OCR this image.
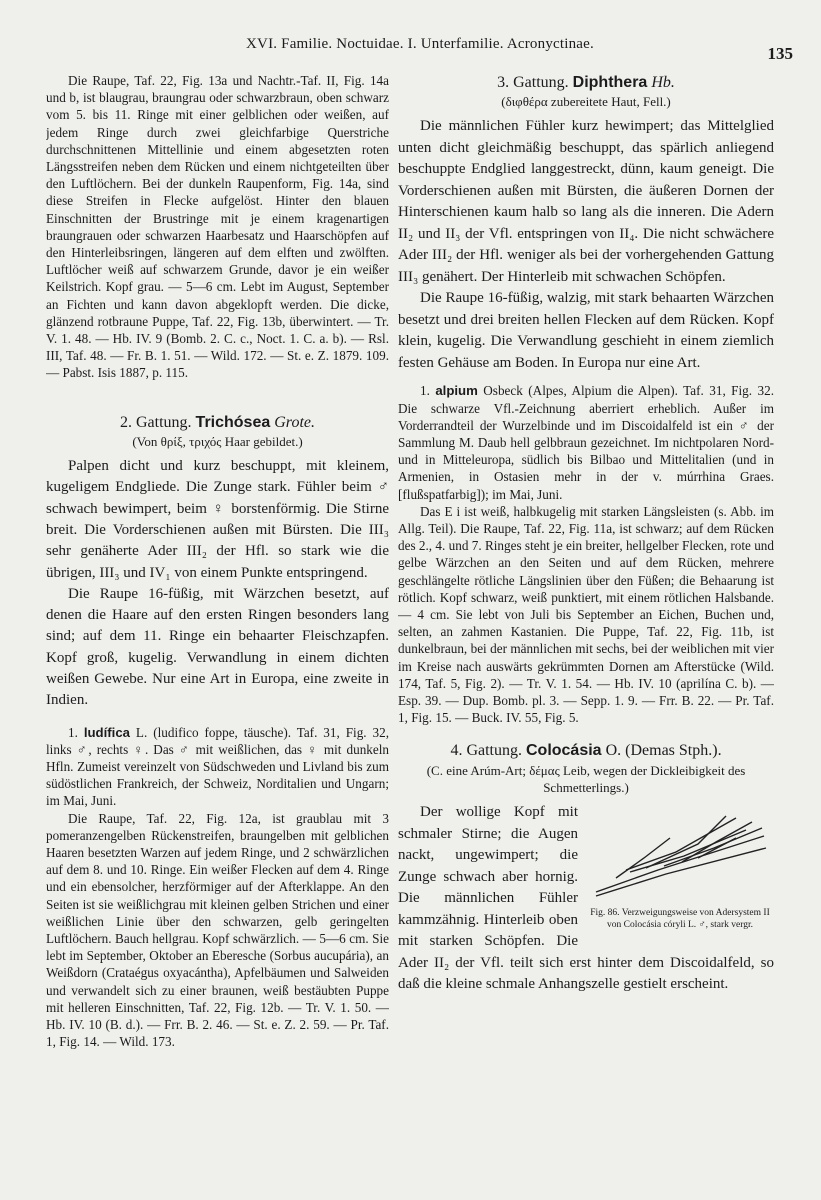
XVI. Familie. Noctuidae. I. Unterfamilie. Acronyctinae.	135

Die Raupe, Taf. 22, Fig. 13a und Nachtr.-Taf. II, Fig. 14a und b, ist blaugrau, braungrau oder schwarzbraun, oben schwarz vom 5. bis 11. Ringe mit einer gelblichen oder weißen, auf jedem Ringe durch zwei gleichfarbige Querstriche durchschnittenen Mittellinie und einem abgesetzten roten Längsstreifen neben dem Rücken und einem nichtgeteilten über den Luftlöchern. Bei der dunkeln Raupenform, Fig. 14a, sind diese Streifen in Flecke aufgelöst. Hinter den blauen Einschnitten der Brustringe mit je einem kragenartigen braungrauen oder schwarzen Haarbesatz und Haarschöpfen auf den Hinterleibsringen, längeren auf dem elften und zwölften. Luftlöcher weiß auf schwarzem Grunde, davor je ein weißer Keilstrich. Kopf grau. — 5—6 cm. Lebt im August, September an Fichten und kann davon abgeklopft werden. Die dicke, glänzend rotbraune Puppe, Taf. 22, Fig. 13b, überwintert. — Tr. V. 1. 48. — Hb. IV. 9 (Bomb. 2. C. c., Noct. 1. C. a. b). — Rsl. III, Taf. 48. — Fr. B. 1. 51. — Wild. 172. — St. e. Z. 1879. 109. — Pabst. Isis 1887, p. 115.

2. Gattung. Trichósea Grote.
(Von θρίξ, τριχός Haar gebildet.)

Palpen dicht und kurz beschuppt, mit kleinem, kugeligem Endgliede. Die Zunge stark. Fühler beim ♂ schwach bewimpert, beim ♀ borstenförmig. Die Stirne breit. Die Vorderschienen außen mit Bürsten. Die III₃ sehr genäherte Ader III₂ der Hfl. so stark wie die übrigen, III₃ und IV₁ von einem Punkte entspringend.

Die Raupe 16-füßig, mit Wärzchen besetzt, auf denen die Haare auf den ersten Ringen besonders lang sind; auf dem 11. Ringe ein behaarter Fleischzapfen. Kopf groß, kugelig. Verwandlung in einem dichten weißen Gewebe. Nur eine Art in Europa, eine zweite in Indien.

1. ludífica L. (ludifico foppe, täusche). Taf. 31, Fig. 32, links ♂, rechts ♀. Das ♂ mit weißlichen, das ♀ mit dunkeln Hfln. Zumeist vereinzelt von Südschweden und Livland bis zum südöstlichen Frankreich, der Schweiz, Norditalien und Ungarn; im Mai, Juni.

Die Raupe, Taf. 22, Fig. 12a, ist graublau mit 3 pomeranzengelben Rückenstreifen, braungelben mit gelblichen Haaren besetzten Warzen auf jedem Ringe, und 2 schwärzlichen auf dem 8. und 10. Ringe. Ein weißer Flecken auf dem 4. Ringe und ein ebensolcher, herzförmiger auf der Afterklappe. An den Seiten ist sie weißlichgrau mit kleinen gelben Strichen und einer weißlichen Linie über den schwarzen, gelb geringelten Luftlöchern. Bauch hellgrau. Kopf schwärzlich. — 5—6 cm. Sie lebt im September, Oktober an Eberesche (Sorbus aucupária), an Weißdorn (Crataégus oxyacántha), Apfelbäumen und Salweiden und verwandelt sich zu einer braunen, weiß bestäubten Puppe mit helleren Einschnitten, Taf. 22, Fig. 12b. — Tr. V. 1. 50. — Hb. IV. 10 (B. d.). — Frr. B. 2. 46. — St. e. Z. 2. 59. — Pr. Taf. 1, Fig. 14. — Wild. 173.

3. Gattung. Diphthera Hb.
(διφθέρα zubereitete Haut, Fell.)

Die männlichen Fühler kurz hewimpert; das Mittelglied unten dicht gleichmäßig beschuppt, das spärlich anliegend beschuppte Endglied langgestreckt, dünn, kaum geneigt. Die Vorderschienen außen mit Bürsten, die äußeren Dornen der Hinterschienen kaum halb so lang als die inneren. Die Adern II₂ und II₃ der Vfl. entspringen von II₄. Die nicht schwächere Ader III₂ der Hfl. weniger als bei der vorhergehenden Gattung III₃ genähert. Der Hinterleib mit schwachen Schöpfen.

Die Raupe 16-füßig, walzig, mit stark behaarten Wärzchen besetzt und drei breiten hellen Flecken auf dem Rücken. Kopf klein, kugelig. Die Verwandlung geschieht in einem ziemlich festen Gehäuse am Boden. In Europa nur eine Art.

1. alpium Osbeck (Alpes, Alpium die Alpen). Taf. 31, Fig. 32. Die schwarze Vfl.-Zeichnung aberriert erheblich. Außer im Vorderrandteil der Wurzelbinde und im Discoidalfeld ist ein ♂ der Sammlung M. Daub hell gelbbraun gezeichnet. Im nichtpolaren Nord- und in Mitteleuropa, südlich bis Bilbao und Mittelitalien (und in Armenien, in Ostasien mehr in der v. múrrhina Graes. [flußspatfarbig]); im Mai, Juni.

Das E i ist weiß, halbkugelig mit starken Längsleisten (s. Abb. im Allg. Teil). Die Raupe, Taf. 22, Fig. 11a, ist schwarz; auf dem Rücken des 2., 4. und 7. Ringes steht je ein breiter, hellgelber Flecken, rote und gelbe Wärzchen an den Seiten und auf dem Rücken, mehrere geschlängelte rötliche Längslinien über den Füßen; die Behaarung ist rötlich. Kopf schwarz, weiß punktiert, mit einem rötlichen Halsbande. — 4 cm. Sie lebt von Juli bis September an Eichen, Buchen und, selten, an zahmen Kastanien. Die Puppe, Taf. 22, Fig. 11b, ist dunkelbraun, bei der männlichen mit sechs, bei der weiblichen mit vier im Kreise nach auswärts gekrümmten Dornen am Afterstücke (Wild. 174, Taf. 5, Fig. 2). — Tr. V. 1. 54. — Hb. IV. 10 (aprilína C. b). — Esp. 39. — Dup. Bomb. pl. 3. — Sepp. 1. 9. — Frr. B. 22. — Pr. Taf. 1, Fig. 15. — Buck. IV. 55, Fig. 5.

4. Gattung. Colocásia O. (Demas Stph.).
(C. eine Arúm-Art; δέμας Leib, wegen der Dickleibigkeit des Schmetterlings.)
Fig. 86. Verzweigungsweise von Adersystem II von Colocásia córyli L. ♂, stark vergr.

Der wollige Kopf mit schmaler Stirne; die Augen nackt, ungewimpert; die Zunge schwach aber hornig. Die männlichen Fühler kammzähnig. Hinterleib oben mit starken Schöpfen. Die Ader II₂ der Vfl. teilt sich erst hinter dem Discoidalfeld, so daß die kleine schmale Anhangszelle gestielt erscheint.
